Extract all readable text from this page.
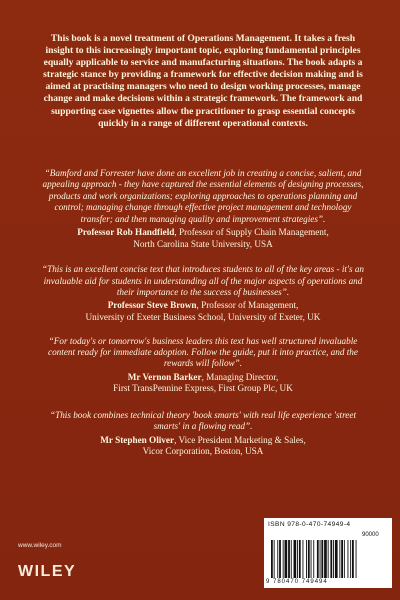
This book is a novel treatment of Operations Management. It takes a fresh insight to this increasingly important topic, exploring fundamental principles equally applicable to service and manufacturing situations. The book adapts a strategic stance by providing a framework for effective decision making and is aimed at practising managers who need to design working processes, manage change and make decisions within a strategic framework. The framework and supporting case vignettes allow the practitioner to grasp essential concepts quickly in a range of different operational contexts.

“Bamford and Forrester have done an excellent job in creating a concise, salient, and appealing approach - they have captured the essential elements of designing processes, products and work organizations; exploring approaches to operations planning and control; managing change through effective project management and technology transfer; and then managing quality and improvement strategies”.
Professor Rob Handfield, Professor of Supply Chain Management,
North Carolina State University, USA
“This is an excellent concise text that introduces students to all of the key areas - it's an invaluable aid for students in understanding all of the major aspects of operations and their importance to the success of businesses”.
Professor Steve Brown, Professor of Management,
University of Exeter Business School, University of Exeter, UK
“For today's or tomorrow's business leaders this text has well structured invaluable content ready for immediate adoption. Follow the guide, put it into practice, and the rewards will follow”.
Mr Vernon Barker, Managing Director,
First TransPennine Express, First Group Plc, UK
“This book combines technical theory 'book smarts' with real life experience 'street smarts' in a flowing read”.
Mr Stephen Oliver, Vice President Marketing & Sales,
Vicor Corporation, Boston, USA
www.wiley.com
WILEY
ISBN 978-0-470-74949-4
90000
9 780470 749494
